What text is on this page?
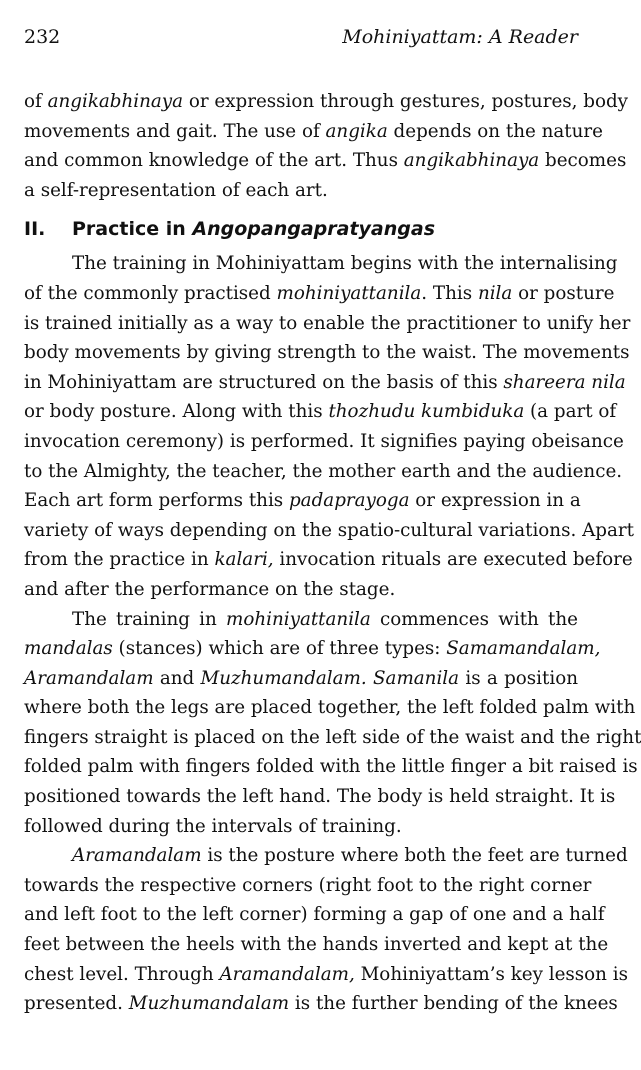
232	Mohiniyattam: A Reader
of angikabhinaya or expression through gestures, postures, body
movements and gait. The use of angika depends on the nature
and common knowledge of the art. Thus angikabhinaya becomes
a self-representation of each art.
II. Practice in Angopangapratyangas
The training in Mohiniyattam begins with the internalising
of the commonly practised mohiniyattanila. This nila or posture
is trained initially as a way to enable the practitioner to unify her
body movements by giving strength to the waist. The movements
in Mohiniyattam are structured on the basis of this shareera nila
or body posture. Along with this thozhudu kumbiduka (a part of
invocation ceremony) is performed. It signifies paying obeisance
to the Almighty, the teacher, the mother earth and the audience.
Each art form performs this padaprayoga or expression in a
variety of ways depending on the spatio-cultural variations. Apart
from the practice in kalari, invocation rituals are executed before
and after the performance on the stage.
The training in mohiniyattanila commences with the
mandalas (stances) which are of three types: Samamandalam,
Aramandalam and Muzhumandalam. Samanila is a position
where both the legs are placed together, the left folded palm with
fingers straight is placed on the left side of the waist and the right
folded palm with fingers folded with the little finger a bit raised is
positioned towards the left hand. The body is held straight. It is
followed during the intervals of training.
Aramandalam is the posture where both the feet are turned
towards the respective corners (right foot to the right corner
and left foot to the left corner) forming a gap of one and a half
feet between the heels with the hands inverted and kept at the
chest level. Through Aramandalam, Mohiniyattam’s key lesson is
presented. Muzhumandalam is the further bending of the knees
